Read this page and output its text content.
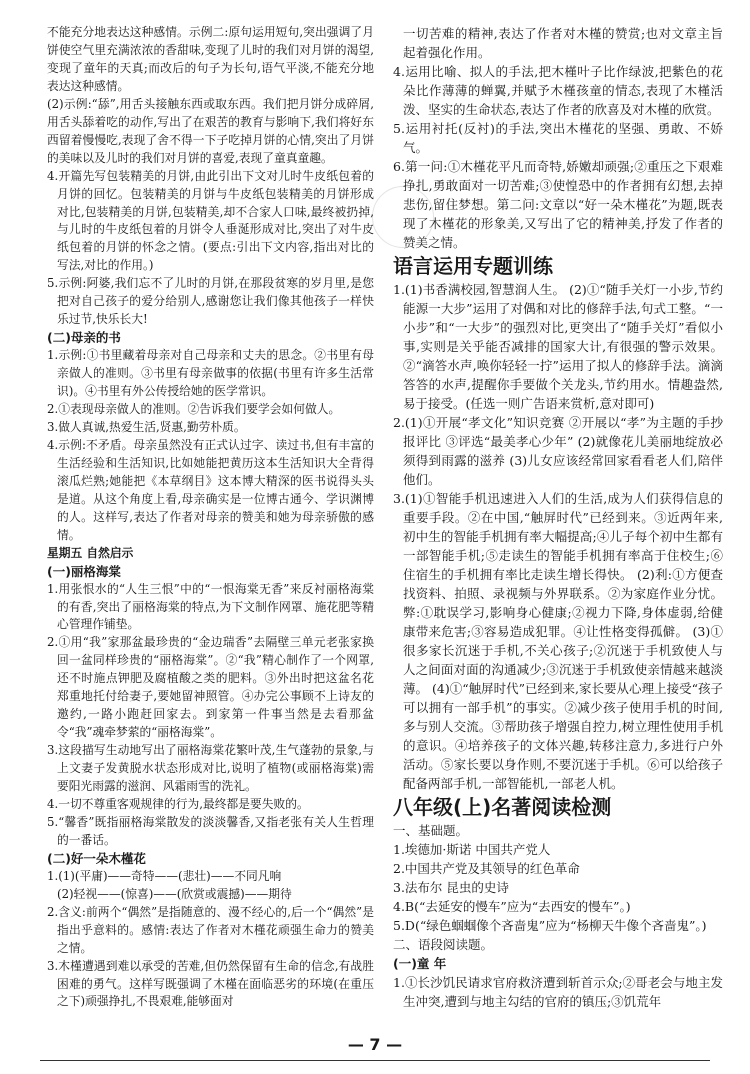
不能充分地表达这种感情。示例二:原句运用短句,突出强调了月饼使空气里充满浓浓的香甜味,变现了儿时的我们对月饼的渴望,变现了童年的天真;而改后的句子为长句,语气平淡,不能充分地表达这种感情。

(2)示例:“舔”,用舌头接触东西或取东西。我们把月饼分成碎屑,用舌头舔着吃的动作,写出了在艰苦的教育与影响下,我们将好东西留着慢慢吃,表现了舍不得一下子吃掉月饼的心情,突出了月饼的美味以及儿时的我们对月饼的喜爱,表现了童真童趣。

4.开篇先写包装精美的月饼,由此引出下文对儿时牛皮纸包着的月饼的回忆。包装精美的月饼与牛皮纸包装精美的月饼形成对比,包装精美的月饼,包装精美,却不合家人口味,最终被扔掉,与儿时的牛皮纸包着的月饼令人垂涎形成对比,突出了对牛皮纸包着的月饼的怀念之情。(要点:引出下文内容,指出对比的写法,对比的作用。)

5.示例:阿婆,我们忘不了儿时的月饼,在那段贫寒的岁月里,是您把对自己孩子的爱分给别人,感谢您让我们像其他孩子一样快乐过节,快乐长大!

(二)母亲的书

1.示例:①书里藏着母亲对自己母亲和丈夫的思念。②书里有母亲做人的准则。③书里有母亲做事的依据(书里有许多生活常识)。④书里有外公传授给她的医学常识。

2.①表现母亲做人的准则。②告诉我们要学会如何做人。

3.做人真诚,热爱生活,贤惠,勤劳朴质。

4.示例:不矛盾。母亲虽然没有正式认过字、读过书,但有丰富的生活经验和生活知识,比如她能把黄历这本生活知识大全背得滚瓜烂熟;她能把《本草纲目》这本博大精深的医书说得头头是道。从这个角度上看,母亲确实是一位博古通今、学识渊博的人。这样写,表达了作者对母亲的赞美和她为母亲骄傲的感情。

星期五 自然启示

(一)丽格海棠

1.用张恨水的“人生三恨”中的“一恨海棠无香”来反衬丽格海棠的有香,突出了丽格海棠的特点,为下文制作网罩、施花肥等精心管理作铺垫。

2.①用“我”家那盆最珍贵的“金边瑞香”去隔壁三单元老张家换回一盆同样珍贵的“丽格海棠”。②“我”精心制作了一个网罩,还不时施点钾肥及腐植酸之类的肥料。③外出时把这盆名花郑重地托付给妻子,要她留神照管。④办完公事顾不上诗友的邀约,一路小跑赶回家去。到家第一件事当然是去看那盆令“我”魂牵梦萦的“丽格海棠”。

3.这段描写生动地写出了丽格海棠花繁叶茂,生气蓬勃的景象,与上文妻子发黄脱水状态形成对比,说明了植物(或丽格海棠)需要阳光雨露的滋润、风霜雨雪的洗礼。

4.一切不尊重客观规律的行为,最终都是要失败的。

5.“馨香”既指丽格海棠散发的淡淡馨香,又指老张有关人生哲理的一番话。

(二)好一朵木槿花

1.(1)(平庸)——奇特——(悲壮)——不同凡响

(2)轻视——(惊喜)——(欣赏或震撼)——期待

2.含义:前两个“偶然”是指随意的、漫不经心的,后一个“偶然”是指出乎意料的。感情:表达了作者对木槿花顽强生命力的赞美之情。

3.木槿遭遇到难以承受的苦难,但仍然保留有生命的信念,有战胜困难的勇气。这样写既强调了木槿在面临恶劣的环境(在重压之下)顽强挣扎,不畏艰难,能够面对

一切苦难的精神,表达了作者对木槿的赞赏;也对文章主旨起着强化作用。

4.运用比喻、拟人的手法,把木槿叶子比作绿波,把紫色的花朵比作薄薄的蝉翼,并赋予木槿孩童的情态,表现了木槿活泼、坚实的生命状态,表达了作者的欣喜及对木槿的欣赏。

5.运用衬托(反衬)的手法,突出木槿花的坚强、勇敢、不娇气。

6.第一问:①木槿花平凡而奇特,娇嫩却顽强;②重压之下艰难挣扎,勇敢面对一切苦难;③使惶恐中的作者拥有幻想,去掉悲伤,留住梦想。第二问:文章以“好一朵木槿花”为题,既表现了木槿花的形象美,又写出了它的精神美,抒发了作者的赞美之情。

语言运用专题训练

1.(1)书香满校园,智慧润人生。 (2)①“随手关灯一小步,节约能源一大步”运用了对偶和对比的修辞手法,句式工整。“一小步”和“一大步”的强烈对比,更突出了“随手关灯”看似小事,实则是关乎能否减排的国家大计,有很强的警示效果。 ②“滴答水声,唤你轻轻一拧”运用了拟人的修辞手法。滴滴答答的水声,提醒你手要做个关龙头,节约用水。情趣盎然,易于接受。(任选一则广告语来赏析,意对即可)

2.(1)①开展“孝文化”知识竞赛 ②开展以“孝”为主题的手抄报评比 ③评选“最美孝心少年” (2)就像花儿美丽地绽放必须得到雨露的滋养 (3)儿女应该经常回家看看老人们,陪伴他们。

3.(1)①智能手机迅速进入人们的生活,成为人们获得信息的重要手段。②在中国,“触屏时代”已经到来。③近两年来,初中生的智能手机拥有率大幅提高;④儿子每个初中生都有一部智能手机;⑤走读生的智能手机拥有率高于住校生;⑥住宿生的手机拥有率比走读生增长得快。 (2)利:①方便查找资料、拍照、录视频与外界联系。②为家庭作业分忧。弊:①耽误学习,影响身心健康;②视力下降,身体虚弱,给健康带来危害;③容易造成犯罪。④让性格变得孤僻。 (3)①很多家长沉迷于手机,不关心孩子;②沉迷于手机致使人与人之间面对面的沟通减少;③沉迷于手机致使亲情越来越淡薄。 (4)①“触屏时代”已经到来,家长要从心理上接受“孩子可以拥有一部手机”的事实。②减少孩子使用手机的时间,多与别人交流。③帮助孩子增强自控力,树立理性使用手机的意识。④培养孩子的文体兴趣,转移注意力,多进行户外活动。⑤家长要以身作则,不要沉迷于手机。⑥可以给孩子配备两部手机,一部智能机,一部老人机。

八年级(上)名著阅读检测

一、基础题。

1.埃德加·斯诺 中国共产党人

2.中国共产党及其领导的红色革命

3.法布尔 昆虫的史诗

4.B(“去延安的慢车”应为“去西安的慢车”。)

5.D(“绿色蝈蝈像个吝啬鬼”应为“杨柳天牛像个吝啬鬼”。)

二、语段阅读题。

(一)童 年

1.①长沙饥民请求官府救济遭到斩首示众;②哥老会与地主发生冲突,遭到与地主勾结的官府的镇压;③饥荒年

— 7 —
